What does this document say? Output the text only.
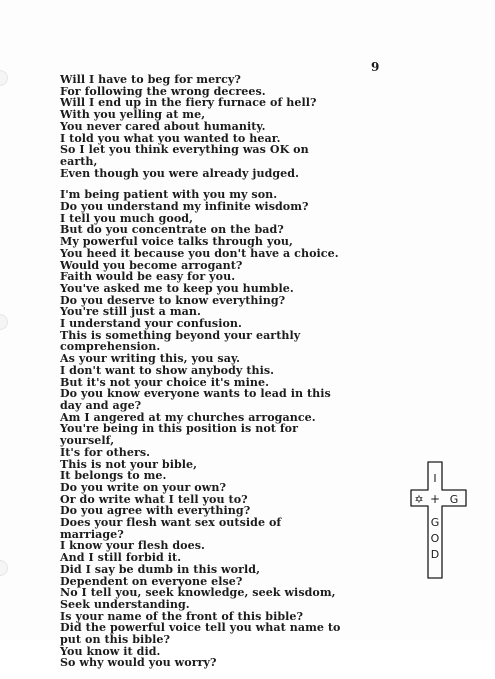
9
Will I have to beg for mercy?
For following the wrong decrees.
Will I end up in the fiery furnace of hell?
With you yelling at me,
You never cared about humanity.
I told you what you wanted to hear.
So I let you think everything was OK on
earth,
Even though you were already judged.
I'm being patient with you my son.
Do you understand my infinite wisdom?
I tell you much good,
But do you concentrate on the bad?
My powerful voice talks through you,
You heed it because you don't have a choice.
Would you become arrogant?
Faith would be easy for you.
You've asked me to keep you humble.
Do you deserve to know everything?
You're still just a man.
I understand your confusion.
This is something beyond your earthly
comprehension.
As your writing this, you say.
I don't want to show anybody this.
But it's not your choice it's mine.
Do you know everyone wants to lead in this
day and age?
Am I angered at my churches arrogance.
You're being in this position is not for
yourself,
It's for others.
This is not your bible,
It belongs to me.
Do you write on your own?
Or do write what I tell you to?
Do you agree with everything?
Does your flesh want sex outside of
marriage?
I know your flesh does.
And I still forbid it.
Did I say be dumb in this world,
Dependent on everyone else?
No I tell you, seek knowledge, seek wisdom,
Seek understanding.
Is your name of the front of this bible?
Did the powerful voice tell you what name to
put on this bible?
You know it did.
So why would you worry?
I
✡ + G
G
O
D
